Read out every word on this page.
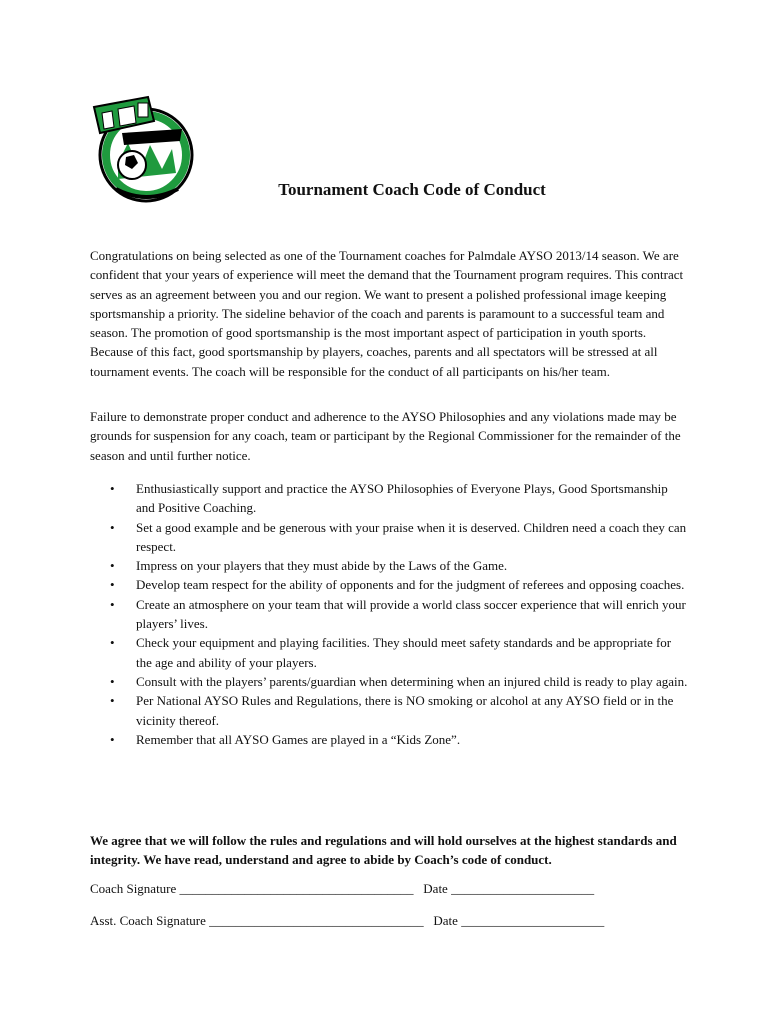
Tournament Coach Code of Conduct

Congratulations on being selected as one of the Tournament coaches for Palmdale AYSO 2013/14 season. We are confident that your years of experience will meet the demand that the Tournament program requires. This contract serves as an agreement between you and our region. We want to present a polished professional image keeping sportsmanship a priority. The sideline behavior of the coach and parents is paramount to a successful team and season. The promotion of good sportsmanship is the most important aspect of participation in youth sports. Because of this fact, good sportsmanship by players, coaches, parents and all spectators will be stressed at all tournament events. The coach will be responsible for the conduct of all participants on his/her team.

Failure to demonstrate proper conduct and adherence to the AYSO Philosophies and any violations made may be grounds for suspension for any coach, team or participant by the Regional Commissioner for the remainder of the season and until further notice.

• Enthusiastically support and practice the AYSO Philosophies of Everyone Plays, Good Sportsmanship and Positive Coaching.
• Set a good example and be generous with your praise when it is deserved. Children need a coach they can respect.
• Impress on your players that they must abide by the Laws of the Game.
• Develop team respect for the ability of opponents and for the judgment of referees and opposing coaches.
• Create an atmosphere on your team that will provide a world class soccer experience that will enrich your players’ lives.
• Check your equipment and playing facilities. They should meet safety standards and be appropriate for the age and ability of your players.
• Consult with the players’ parents/guardian when determining when an injured child is ready to play again.
• Per National AYSO Rules and Regulations, there is NO smoking or alcohol at any AYSO field or in the vicinity thereof.
• Remember that all AYSO Games are played in a “Kids Zone”.

We agree that we will follow the rules and regulations and will hold ourselves at the highest standards and integrity. We have read, understand and agree to abide by Coach’s code of conduct.

Coach Signature ____________________________________   Date ______________________
Asst. Coach Signature _________________________________   Date ______________________
